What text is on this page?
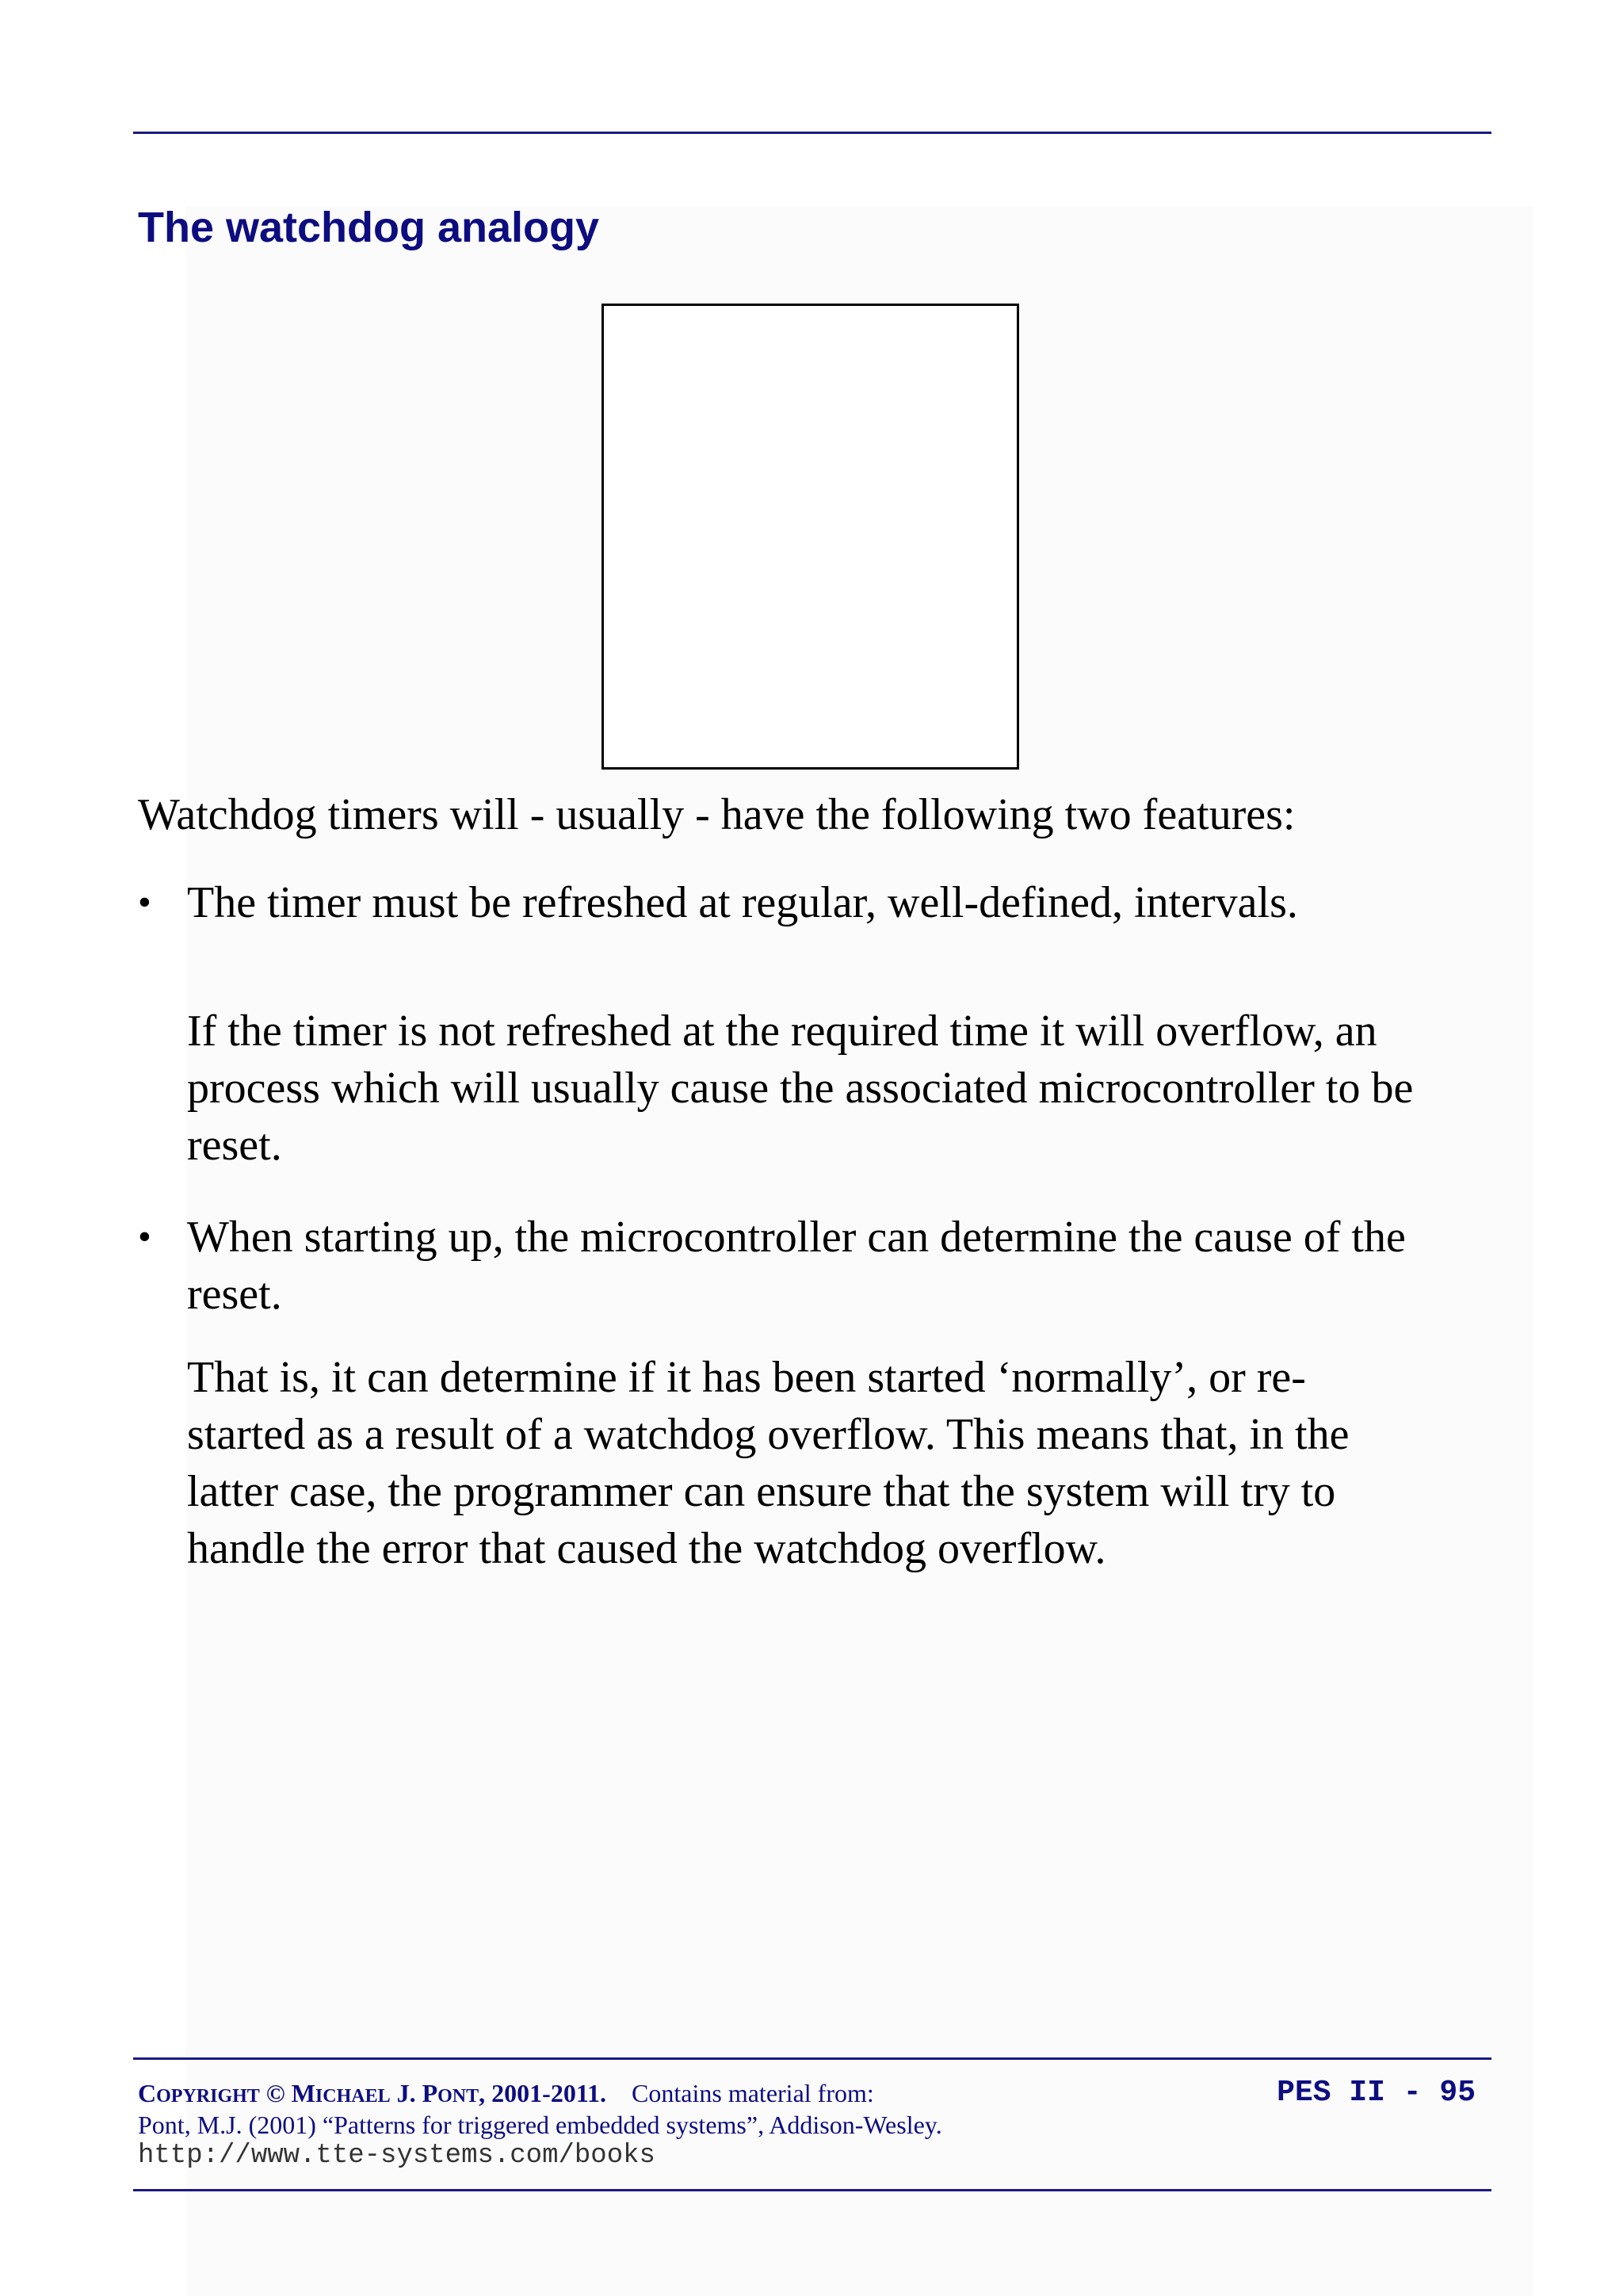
The watchdog analogy

Watchdog timers will - usually - have the following two features:

• The timer must be refreshed at regular, well-defined, intervals.

If the timer is not refreshed at the required time it will overflow, an process which will usually cause the associated microcontroller to be reset.

• When starting up, the microcontroller can determine the cause of the reset.

That is, it can determine if it has been started ‘normally’, or re-started as a result of a watchdog overflow. This means that, in the latter case, the programmer can ensure that the system will try to handle the error that caused the watchdog overflow.

COPYRIGHT © MICHAEL J. PONT, 2001-2011. Contains material from:
Pont, M.J. (2001) “Patterns for triggered embedded systems”, Addison-Wesley.
http://www.tte-systems.com/books
PES II - 95
